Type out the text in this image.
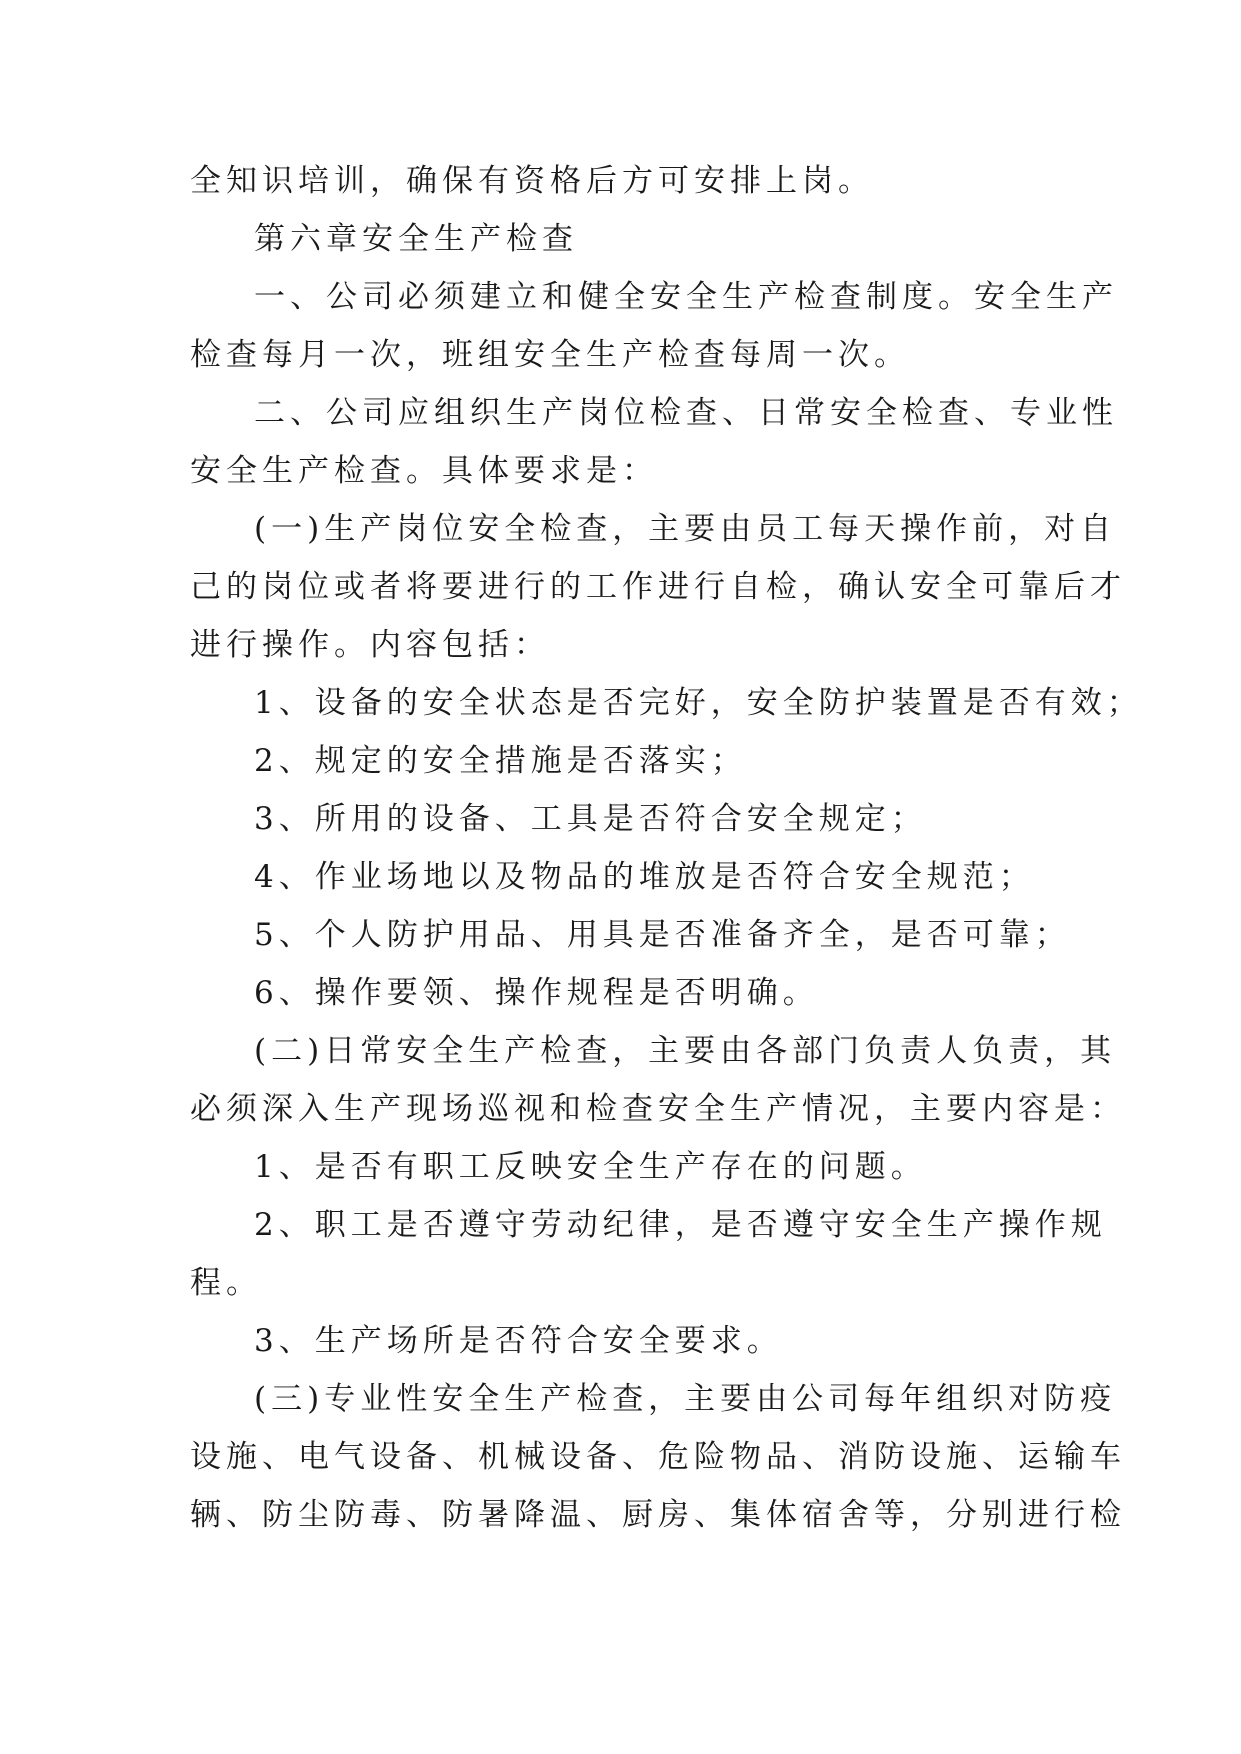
全知识培训，确保有资格后方可安排上岗。
第六章安全生产检查
一、公司必须建立和健全安全生产检查制度。安全生产
检查每月一次，班组安全生产检查每周一次。
二、公司应组织生产岗位检查、日常安全检查、专业性
安全生产检查。具体要求是：
(一)生产岗位安全检查，主要由员工每天操作前，对自
己的岗位或者将要进行的工作进行自检，确认安全可靠后才
进行操作。内容包括：
1、设备的安全状态是否完好，安全防护装置是否有效；
2、规定的安全措施是否落实；
3、所用的设备、工具是否符合安全规定；
4、作业场地以及物品的堆放是否符合安全规范；
5、个人防护用品、用具是否准备齐全，是否可靠；
6、操作要领、操作规程是否明确。
(二)日常安全生产检查，主要由各部门负责人负责，其
必须深入生产现场巡视和检查安全生产情况，主要内容是：
1、是否有职工反映安全生产存在的问题。
2、职工是否遵守劳动纪律，是否遵守安全生产操作规
程。
3、生产场所是否符合安全要求。
(三)专业性安全生产检查，主要由公司每年组织对防疫
设施、电气设备、机械设备、危险物品、消防设施、运输车
辆、防尘防毒、防暑降温、厨房、集体宿舍等，分别进行检
